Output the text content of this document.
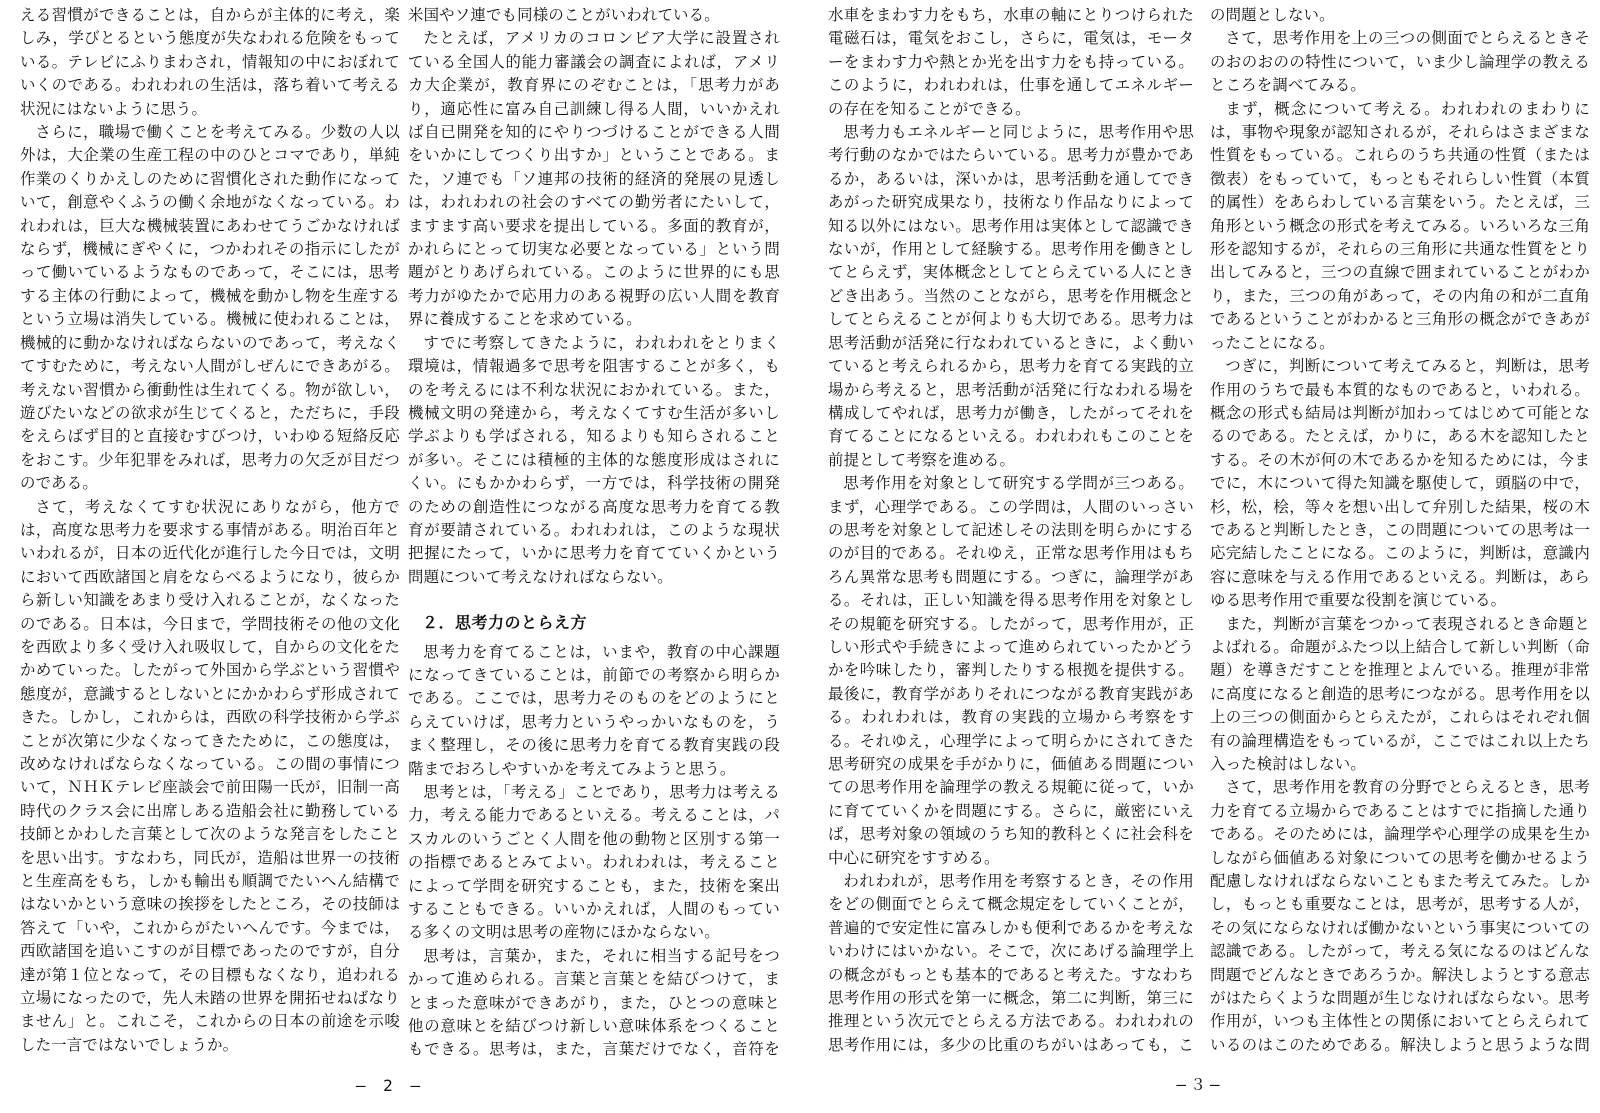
える習慣ができることは，自からが主体的に考え，楽しみ，学びとるという態度が失なわれる危険をもっている。テレビにふりまわされ，情報知の中におぼれていくのである。われわれの生活は，落ち着いて考える状況にはないように思う。

さらに，職場で働くことを考えてみる。少数の人以外は，大企業の生産工程の中のひとコマであり，単純作業のくりかえしのために習慣化された動作になっていて，創意やくふうの働く余地がなくなっている。われわれは，巨大な機械装置にあわせてうごかなければならず，機械にぎやくに，つかわれその指示にしたがって働いているようなものであって，そこには，思考する主体の行動によって，機械を動かし物を生産するという立場は消失している。機械に使われることは，機械的に動かなければならないのであって，考えなくてすむために，考えない人間がしぜんにできあがる。考えない習慣から衝動性は生れてくる。物が欲しい，遊びたいなどの欲求が生じてくると，ただちに，手段をえらばず目的と直接むすびつけ，いわゆる短絡反応をおこす。少年犯罪をみれば，思考力の欠乏が目だつのである。

さて，考えなくてすむ状況にありながら，他方では，高度な思考力を要求する事情がある。明治百年といわれるが，日本の近代化が進行した今日では，文明において西欧諸国と肩をならべるようになり，彼らから新しい知識をあまり受け入れることが，なくなったのである。日本は，今日まで，学問技術その他の文化を西欧より多く受け入れ吸収して，自からの文化をたかめていった。したがって外国から学ぶという習慣や態度が，意識するとしないとにかかわらず形成されてきた。しかし，これからは，西欧の科学技術から学ぶことが次第に少なくなってきたために，この態度は，改めなければならなくなっている。この間の事情について，ＮＨＫテレビ座談会で前田陽一氏が，旧制一高時代のクラス会に出席しある造船会社に勤務している技師とかわした言葉として次のような発言をしたことを思い出す。すなわち，同氏が，造船は世界一の技術と生産高をもち，しかも輸出も順調でたいへん結構ではないかという意味の挨拶をしたところ，その技師は答えて「いや，これからがたいへんです。今までは，西欧諸国を追いこすのが目標であったのですが，自分達が第１位となって，その目標もなくなり，追われる立場になったので，先人未踏の世界を開拓せねばなりません」と。これこそ，これからの日本の前途を示唆した一言ではないでしょうか。

米国やソ連でも同様のことがいわれている。

たとえば，アメリカのコロンビア大学に設置されている全国人的能力審議会の調査によれば，アメリカ大企業が，教育界にのぞむことは，「思考力があり，適応性に富み自己訓練し得る人間，いいかえれば自已開発を知的にやりつづけることができる人間をいかにしてつくり出すか」ということである。また，ソ連でも「ソ連邦の技術的経済的発展の見透しは，われわれの社会のすべての勤労者にたいして，ますます高い要求を提出している。多面的教育が，かれらにとって切実な必要となっている」という問題がとりあげられている。このように世界的にも思考力がゆたかで応用力のある視野の広い人間を教育界に養成することを求めている。

すでに考察してきたように，われわれをとりまく環境は，情報過多で思考を阻害することが多く，ものを考えるには不利な状況におかれている。また，機械文明の発達から，考えなくてすむ生活が多いし学ぶよりも学ばされる，知るよりも知らされることが多い。そこには積極的主体的な態度形成はされにくい。にもかかわらず，一方では，科学技術の開発のための創造性につながる高度な思考力を育てる教育が要請されている。われわれは，このような現状把握にたって，いかに思考力を育てていくかという問題について考えなければならない。

２．思考力のとらえ方

思考力を育てることは，いまや，教育の中心課題になってきていることは，前節での考察から明らかである。ここでは，思考力そのものをどのようにとらえていけば，思考力というやっかいなものを，うまく整理し，その後に思考力を育てる教育実践の段階までおろしやすいかを考えてみようと思う。

思考とは，「考える」ことであり，思考力は考える力，考える能力であるといえる。考えることは，パスカルのいうごとく人間を他の動物と区別する第一の指標であるとみてよい。われわれは，考えることによって学問を研究することも，また，技術を案出することもできる。いいかえれば，人間のもっている多くの文明は思考の産物にほかならない。

思考は，言葉か，また，それに相当する記号をつかって進められる。言葉と言葉とを結びつけて，まとまった意味ができあがり，また，ひとつの意味と他の意味とを結びつけ新しい意味体系をつくることもできる。思考は，また，言葉だけでなく，音符を

— 2 —

水車をまわす力をもち，水車の軸にとりつけられた電磁石は，電気をおこし，さらに，電気は，モーターをまわす力や熱とか光を出す力をも持っている。このように，われわれは，仕事を通してエネルギーの存在を知ることができる。

思考力もエネルギーと同じように，思考作用や思考行動のなかではたらいている。思考力が豊かであるか，あるいは，深いかは，思考活動を通してできあがった研究成果なり，技術なり作品なりによって知る以外にはない。思考作用は実体として認識できないが，作用として経験する。思考作用を働きとしてとらえず，実体概念としてとらえている人にときどき出あう。当然のことながら，思考を作用概念としてとらえることが何よりも大切である。思考力は思考活動が活発に行なわれているときに，よく動いていると考えられるから，思考力を育てる実践的立場から考えると，思考活動が活発に行なわれる場を構成してやれば，思考力が働き，したがってそれを育てることになるといえる。われわれもこのことを前提として考察を進める。

思考作用を対象として研究する学問が三つある。まず，心理学である。この学問は，人間のいっさいの思考を対象として記述しその法則を明らかにするのが目的である。それゆえ，正常な思考作用はもちろん異常な思考も問題にする。つぎに，論理学がある。それは，正しい知識を得る思考作用を対象としその規範を研究する。したがって，思考作用が，正しい形式や手続きによって進められていったかどうかを吟味したり，審判したりする根拠を提供する。最後に，教育学がありそれにつながる教育実践がある。われわれは，教育の実践的立場から考察をする。それゆえ，心理学によって明らかにされてきた思考研究の成果を手がかりに，価値ある問題についての思考作用を論理学の教える規範に従って，いかに育てていくかを問題にする。さらに，厳密にいえば，思考対象の領域のうち知的教科とくに社会科を中心に研究をすすめる。

われわれが，思考作用を考察するとき，その作用をどの側面でとらえて概念規定をしていくことが，普遍的で安定性に富みしかも便利であるかを考えないわけにはいかない。そこで，次にあげる論理学上の概念がもっとも基本的であると考えた。すなわち思考作用の形式を第一に概念，第二に判断，第三に推理という次元でとらえる方法である。われわれの思考作用には，多少の比重のちがいはあっても，こ

の問題としない。

さて，思考作用を上の三つの側面でとらえるときそのおのおのの特性について，いま少し論理学の教えるところを調べてみる。

まず，概念について考える。われわれのまわりには，事物や現象が認知されるが，それらはさまざまな性質をもっている。これらのうち共通の性質（または徴表）をもっていて，もっともそれらしい性質（本質的属性）をあらわしている言葉をいう。たとえば，三角形という概念の形式を考えてみる。いろいろな三角形を認知するが，それらの三角形に共通な性質をとり出してみると，三つの直線で囲まれていることがわかり，また，三つの角があって，その内角の和が二直角であるということがわかると三角形の概念ができあがったことになる。

つぎに，判断について考えてみると，判断は，思考作用のうちで最も本質的なものであると，いわれる。概念の形式も結局は判断が加わってはじめて可能となるのである。たとえば，かりに，ある木を認知したとする。その木が何の木であるかを知るためには，今までに，木について得た知識を駆使して，頭脳の中で，杉，松，桧，等々を想い出して弁別した結果，桜の木であると判断したとき，この問題についての思考は一応完結したことになる。このように，判断は，意識内容に意味を与える作用であるといえる。判断は，あらゆる思考作用で重要な役割を演じている。

また，判断が言葉をつかって表現されるとき命題とよばれる。命題がふたつ以上結合して新しい判断（命題）を導きだすことを推理とよんでいる。推理が非常に高度になると創造的思考につながる。思考作用を以上の三つの側面からとらえたが，これらはそれぞれ個有の論理構造をもっているが，ここではこれ以上たち入った検討はしない。

さて，思考作用を教育の分野でとらえるとき，思考力を育てる立場からであることはすでに指摘した通りである。そのためには，論理学や心理学の成果を生かしながら価値ある対象についての思考を働かせるよう配慮しなければならないこともまた考えてみた。しかし，もっとも重要なことは，思考が，思考する人が，その気にならなければ働かないという事実についての認識である。したがって，考える気になるのはどんな問題でどんなときであろうか。解決しようとする意志がはたらくような問題が生じなければならない。思考作用が，いつも主体性との関係においてとらえられているのはこのためである。解決しようと思うような問

—３—
